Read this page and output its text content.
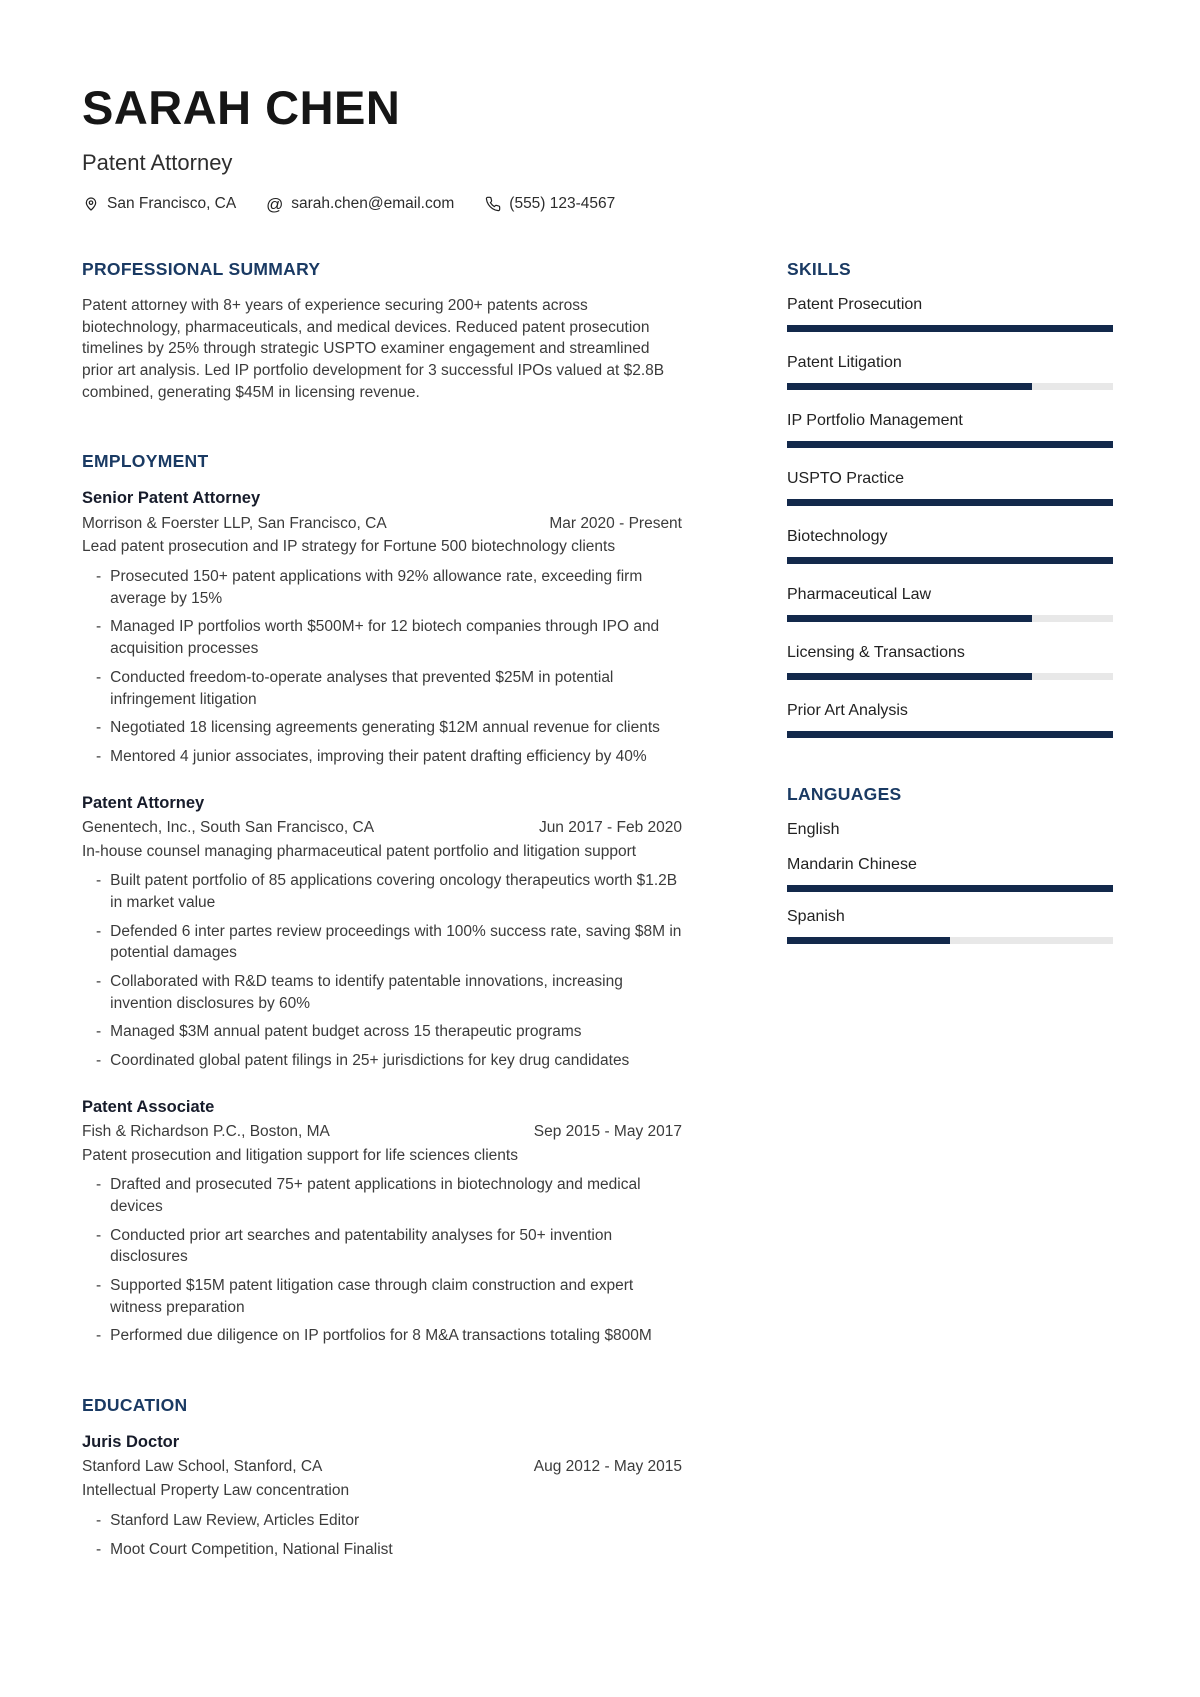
SARAH CHEN
Patent Attorney
San Francisco, CA @ sarah.chen@email.com	(555) 123-4567
PROFESSIONAL SUMMARY

Patent attorney with 8+ years of experience securing 200+ patents across biotechnology, pharmaceuticals, and medical devices. Reduced patent prosecution timelines by 25% through strategic USPTO examiner engagement and streamlined prior art analysis. Led IP portfolio development for 3 successful IPOs valued at $2.8B combined, generating $45M in licensing revenue.

EMPLOYMENT
Senior Patent Attorney
Morrison & Foerster LLP, San Francisco, CA	Mar 2020 - Present
Lead patent prosecution and IP strategy for Fortune 500 biotechnology clients
- Prosecuted 150+ patent applications with 92% allowance rate, exceeding firm average by 15%
- Managed IP portfolios worth $500M+ for 12 biotech companies through IPO and acquisition processes
- Conducted freedom-to-operate analyses that prevented $25M in potential infringement litigation
- Negotiated 18 licensing agreements generating $12M annual revenue for clients
- Mentored 4 junior associates, improving their patent drafting efficiency by 40%
Patent Attorney
Genentech, Inc., South San Francisco, CA	Jun 2017 - Feb 2020
In-house counsel managing pharmaceutical patent portfolio and litigation support
- Built patent portfolio of 85 applications covering oncology therapeutics worth $1.2B in market value
- Defended 6 inter partes review proceedings with 100% success rate, saving $8M in potential damages
- Collaborated with R&D teams to identify patentable innovations, increasing invention disclosures by 60%
- Managed $3M annual patent budget across 15 therapeutic programs
- Coordinated global patent filings in 25+ jurisdictions for key drug candidates
Patent Associate
Fish & Richardson P.C., Boston, MA	Sep 2015 - May 2017
Patent prosecution and litigation support for life sciences clients
- Drafted and prosecuted 75+ patent applications in biotechnology and medical devices
- Conducted prior art searches and patentability analyses for 50+ invention disclosures
- Supported $15M patent litigation case through claim construction and expert witness preparation
- Performed due diligence on IP portfolios for 8 M&A transactions totaling $800M
EDUCATION
Juris Doctor
Stanford Law School, Stanford, CA	Aug 2012 - May 2015
Intellectual Property Law concentration
- Stanford Law Review, Articles Editor
- Moot Court Competition, National Finalist
SKILLS
Patent Prosecution
Patent Litigation
IP Portfolio Management
USPTO Practice
Biotechnology
Pharmaceutical Law
Licensing & Transactions
Prior Art Analysis
LANGUAGES
English
Mandarin Chinese
Spanish
